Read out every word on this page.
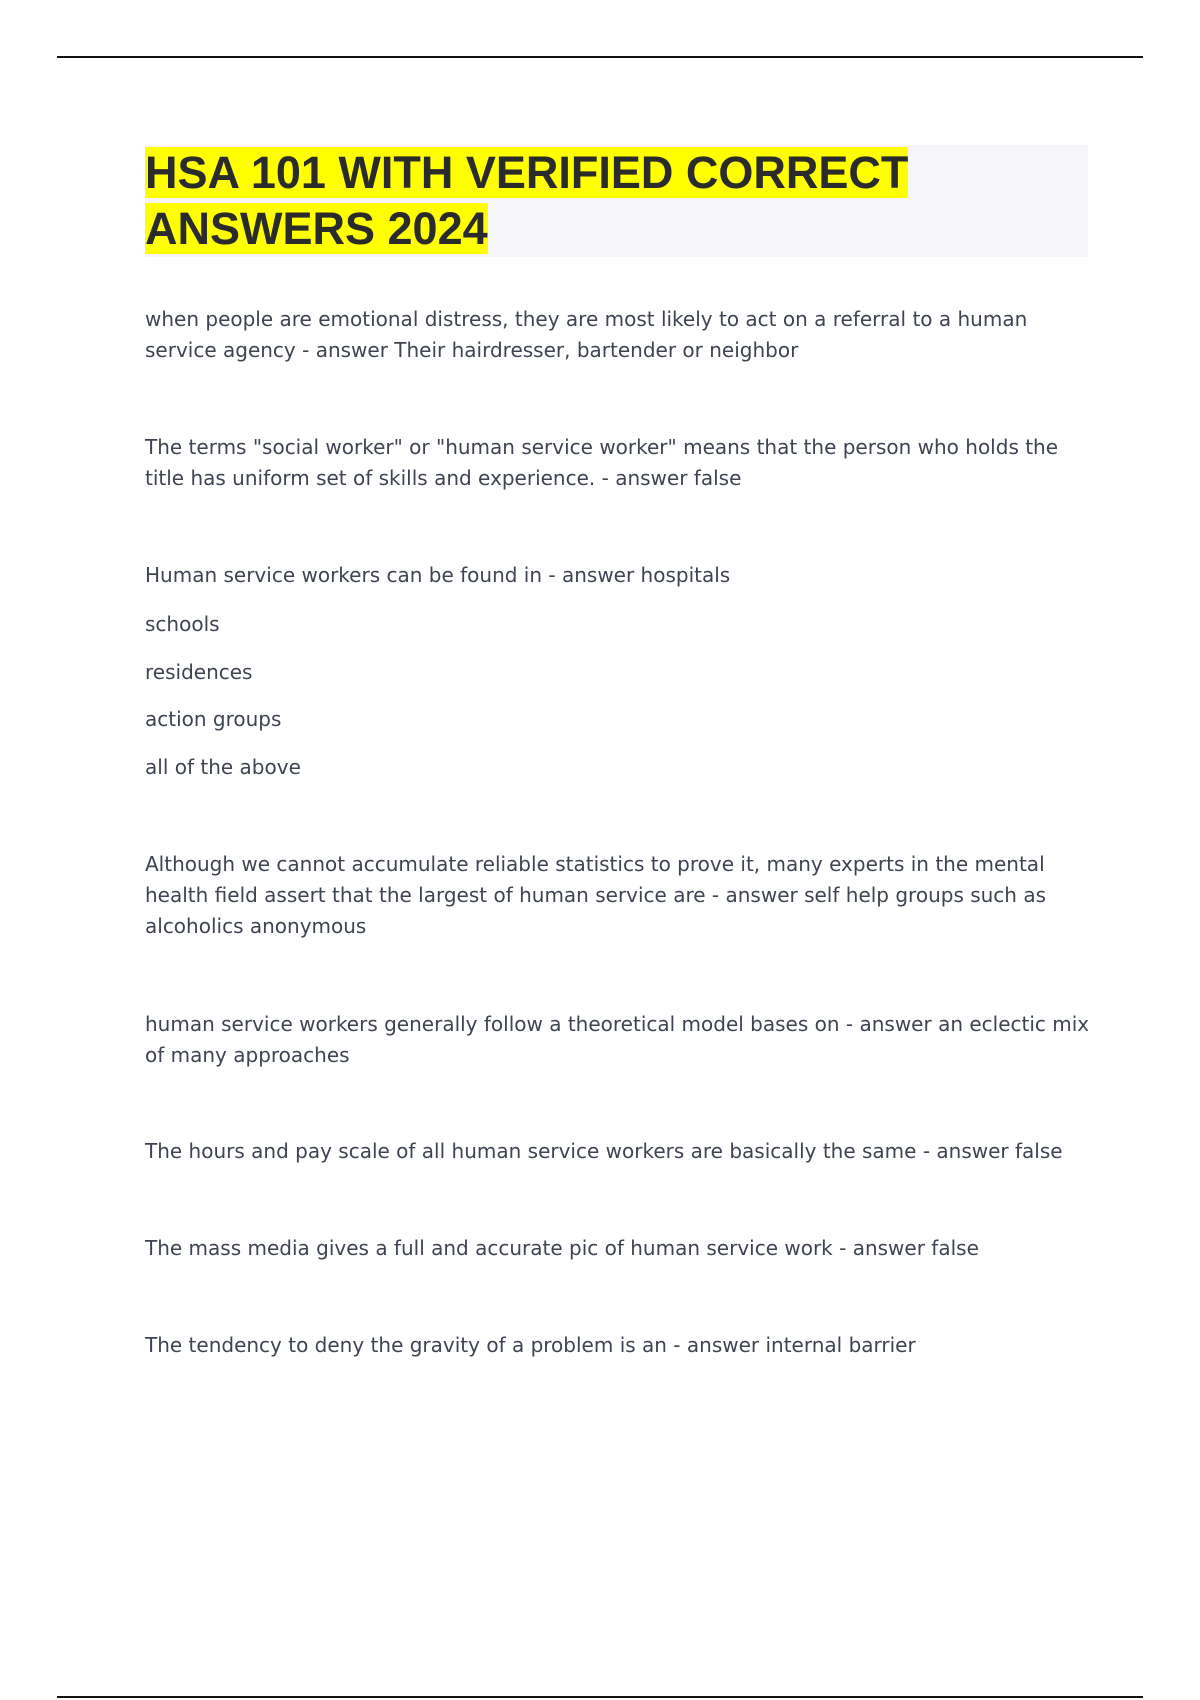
HSA 101 WITH VERIFIED CORRECT ANSWERS 2024

when people are emotional distress, they are most likely to act on a referral to a human service agency - answer Their hairdresser, bartender or neighbor

The terms "social worker" or "human service worker" means that the person who holds the title has uniform set of skills and experience. - answer false

Human service workers can be found in - answer hospitals

schools

residences

action groups

all of the above

Although we cannot accumulate reliable statistics to prove it, many experts in the mental health field assert that the largest of human service are - answer self help groups such as alcoholics anonymous

human service workers generally follow a theoretical model bases on - answer an eclectic mix of many approaches

The hours and pay scale of all human service workers are basically the same - answer false

The mass media gives a full and accurate pic of human service work - answer false

The tendency to deny the gravity of a problem is an - answer internal barrier
